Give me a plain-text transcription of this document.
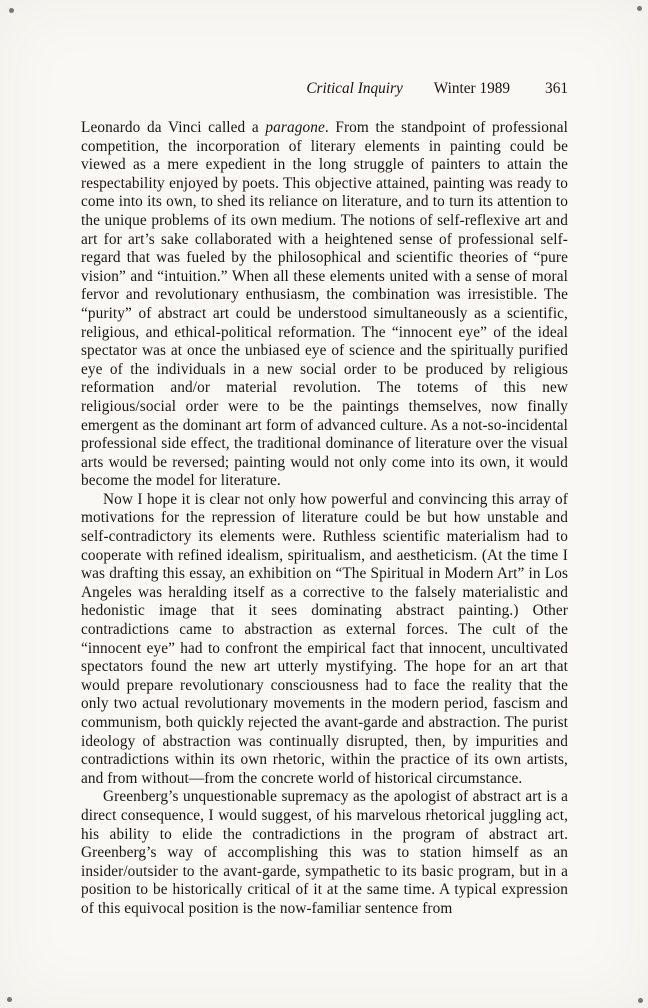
Critical Inquiry Winter 1989 361

Leonardo da Vinci called a paragone. From the standpoint of professional competition, the incorporation of literary elements in painting could be viewed as a mere expedient in the long struggle of painters to attain the respectability enjoyed by poets. This objective attained, painting was ready to come into its own, to shed its reliance on literature, and to turn its attention to the unique problems of its own medium. The notions of self-reflexive art and art for art’s sake collaborated with a heightened sense of professional self-regard that was fueled by the philosophical and scientific theories of “pure vision” and “intuition.” When all these elements united with a sense of moral fervor and revolutionary enthusiasm, the combination was irresistible. The “purity” of abstract art could be understood simultaneously as a scientific, religious, and ethical-political reformation. The “innocent eye” of the ideal spectator was at once the unbiased eye of science and the spiritually purified eye of the individuals in a new social order to be produced by religious reformation and/or material revolution. The totems of this new religious/social order were to be the paintings themselves, now finally emergent as the dominant art form of advanced culture. As a not-so-incidental professional side effect, the traditional dominance of literature over the visual arts would be reversed; painting would not only come into its own, it would become the model for literature.

Now I hope it is clear not only how powerful and convincing this array of motivations for the repression of literature could be but how unstable and self-contradictory its elements were. Ruthless scientific materialism had to cooperate with refined idealism, spiritualism, and aestheticism. (At the time I was drafting this essay, an exhibition on “The Spiritual in Modern Art” in Los Angeles was heralding itself as a corrective to the falsely materialistic and hedonistic image that it sees dominating abstract painting.) Other contradictions came to abstraction as external forces. The cult of the “innocent eye” had to confront the empirical fact that innocent, uncultivated spectators found the new art utterly mystifying. The hope for an art that would prepare revolutionary consciousness had to face the reality that the only two actual revolutionary movements in the modern period, fascism and communism, both quickly rejected the avant-garde and abstraction. The purist ideology of abstraction was continually disrupted, then, by impurities and contradictions within its own rhetoric, within the practice of its own artists, and from without—from the concrete world of historical circumstance.

Greenberg’s unquestionable supremacy as the apologist of abstract art is a direct consequence, I would suggest, of his marvelous rhetorical juggling act, his ability to elide the contradictions in the program of abstract art. Greenberg’s way of accomplishing this was to station himself as an insider/outsider to the avant-garde, sympathetic to its basic program, but in a position to be historically critical of it at the same time. A typical expression of this equivocal position is the now-familiar sentence from
